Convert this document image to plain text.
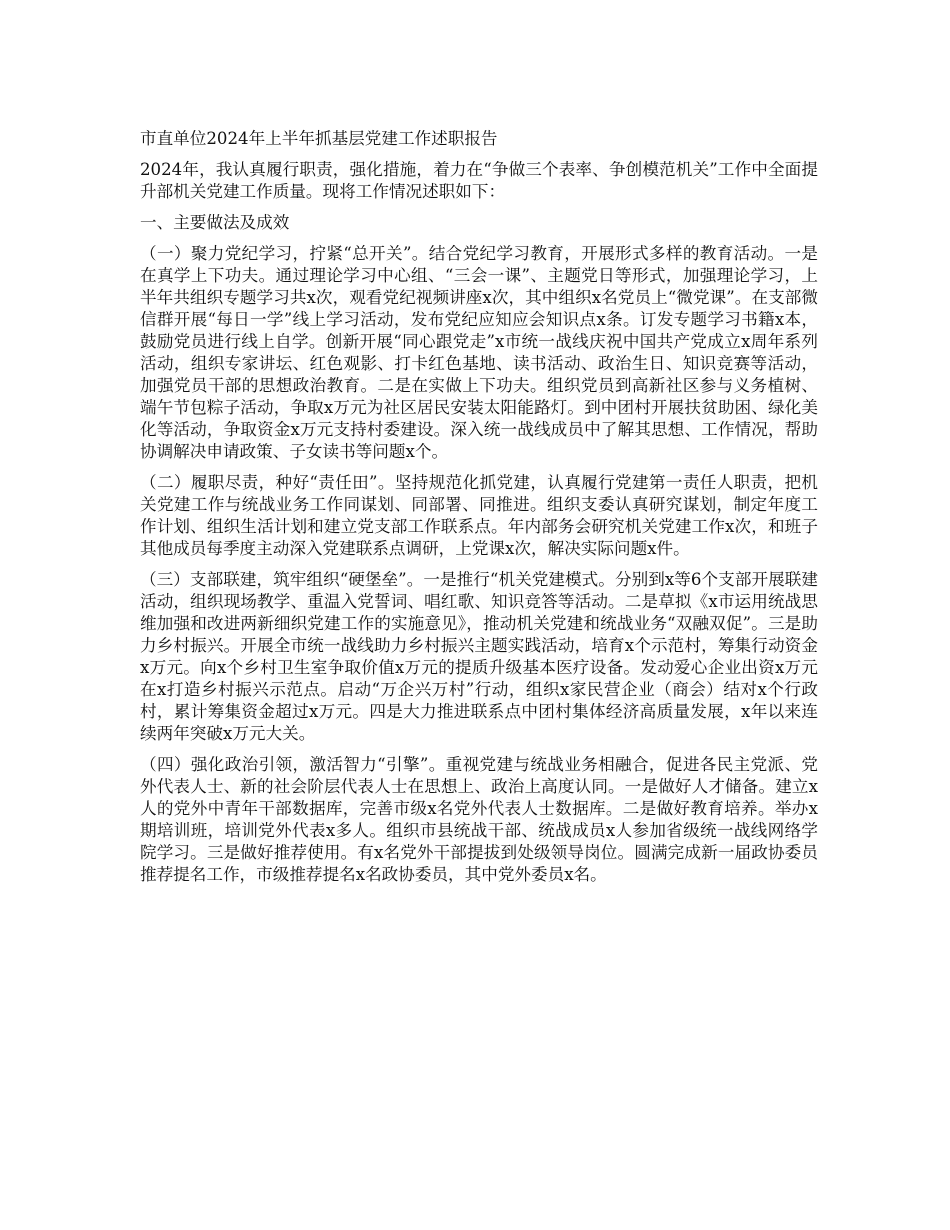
市直单位2024年上半年抓基层党建工作述职报告
2024年，我认真履行职责，强化措施，着力在“争做三个表率、争创模范机关”工作中全面提升部机关党建工作质量。现将工作情况述职如下：
一、主要做法及成效
（一）聚力党纪学习，拧紧“总开关”。结合党纪学习教育，开展形式多样的教育活动。一是在真学上下功夫。通过理论学习中心组、“三会一课”、主题党日等形式，加强理论学习，上半年共组织专题学习共x次，观看党纪视频讲座x次，其中组织x名党员上“微党课”。在支部微信群开展“每日一学”线上学习活动，发布党纪应知应会知识点x条。订发专题学习书籍x本，鼓励党员进行线上自学。创新开展“同心跟党走”x市统一战线庆祝中国共产党成立x周年系列活动，组织专家讲坛、红色观影、打卡红色基地、读书活动、政治生日、知识竞赛等活动，加强党员干部的思想政治教育。二是在实做上下功夫。组织党员到高新社区参与义务植树、端午节包粽子活动，争取x万元为社区居民安装太阳能路灯。到中团村开展扶贫助困、绿化美化等活动，争取资金x万元支持村委建设。深入统一战线成员中了解其思想、工作情况，帮助协调解决申请政策、子女读书等问题x个。
（二）履职尽责，种好“责任田”。坚持规范化抓党建，认真履行党建第一责任人职责，把机关党建工作与统战业务工作同谋划、同部署、同推进。组织支委认真研究谋划，制定年度工作计划、组织生活计划和建立党支部工作联系点。年内部务会研究机关党建工作x次，和班子其他成员每季度主动深入党建联系点调研，上党课x次，解决实际问题x件。
（三）支部联建，筑牢组织“硬堡垒”。一是推行“机关党建模式。分别到x等6个支部开展联建活动，组织现场教学、重温入党誓词、唱红歌、知识竞答等活动。二是草拟《x市运用统战思维加强和改进两新细织党建工作的实施意见》，推动机关党建和统战业务“双融双促”。三是助力乡村振兴。开展全市统一战线助力乡村振兴主题实践活动，培育x个示范村，筹集行动资金x万元。向x个乡村卫生室争取价值x万元的提质升级基本医疗设备。发动爱心企业出资x万元在x打造乡村振兴示范点。启动“万企兴万村”行动，组织x家民营企业（商会）结对x个行政村，累计筹集资金超过x万元。四是大力推进联系点中团村集体经济高质量发展，x年以来连续两年突破x万元大关。
（四）强化政治引领，激活智力“引擎”。重视党建与统战业务相融合，促进各民主党派、党外代表人士、新的社会阶层代表人士在思想上、政治上高度认同。一是做好人才储备。建立x人的党外中青年干部数据库，完善市级x名党外代表人士数据库。二是做好教育培养。举办x期培训班，培训党外代表x多人。组织市县统战干部、统战成员x人参加省级统一战线网络学院学习。三是做好推荐使用。有x名党外干部提拔到处级领导岗位。圆满完成新一届政协委员推荐提名工作，市级推荐提名x名政协委员，其中党外委员x名。
